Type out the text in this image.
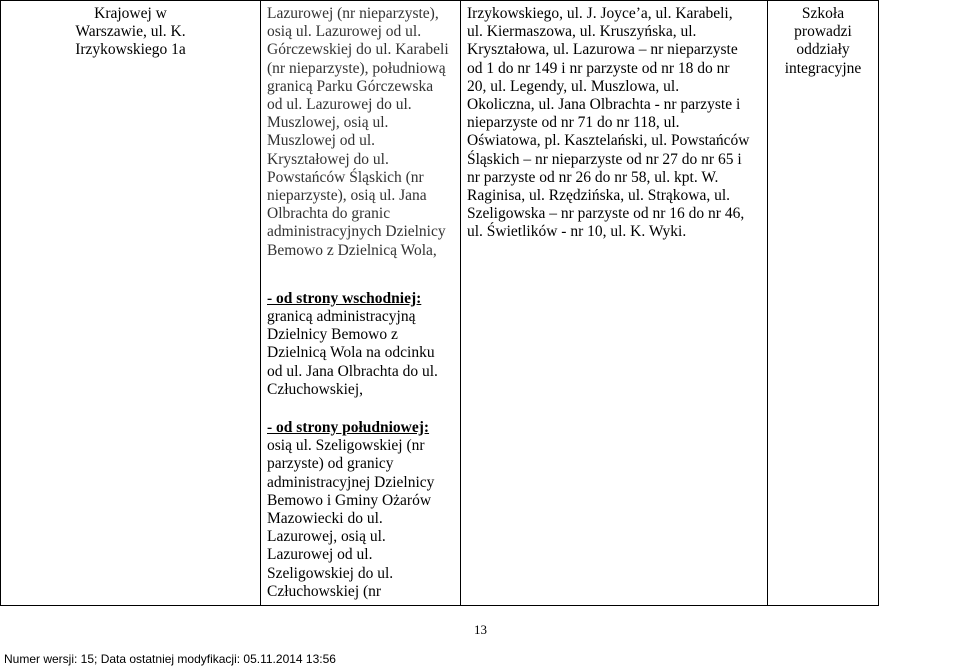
Krajowej w
Warszawie, ul. K.
Irzykowskiego 1a

Lazurowej (nr nieparzyste),
osią ul. Lazurowej od ul.
Górczewskiej do ul. Karabeli
(nr nieparzyste), południową
granicą Parku Górczewska
od ul. Lazurowej do ul.
Muszlowej, osią ul.
Muszlowej od ul.
Kryształowej do ul.
Powstańców Śląskich (nr
nieparzyste), osią ul. Jana
Olbrachta do granic
administracyjnych Dzielnicy
Bemowo z Dzielnicą Wola,
- od strony wschodniej:
granicą administracyjną
Dzielnicy Bemowo z
Dzielnicą Wola na odcinku
od ul. Jana Olbrachta do ul.
Człuchowskiej,
- od strony południowej:
osią ul. Szeligowskiej (nr
parzyste) od granicy
administracyjnej Dzielnicy
Bemowo i Gminy Ożarów
Mazowiecki do ul.
Lazurowej, osią ul.
Lazurowej od ul.
Szeligowskiej do ul.
Człuchowskiej (nr

Irzykowskiego, ul. J. Joyce’a, ul. Karabeli,
ul. Kiermaszowa, ul. Kruszyńska, ul.
Kryształowa, ul. Lazurowa – nr nieparzyste
od 1 do nr 149 i nr parzyste od nr 18 do nr
20, ul. Legendy, ul. Muszlowa, ul.
Okoliczna, ul. Jana Olbrachta - nr parzyste i
nieparzyste od nr 71 do nr 118, ul.
Oświatowa, pl. Kasztelański, ul. Powstańców
Śląskich – nr nieparzyste od nr 27 do nr 65 i
nr parzyste od nr 26 do nr 58, ul. kpt. W.
Raginisa, ul. Rzędzińska, ul. Strąkowa, ul.
Szeligowska – nr parzyste od nr 16 do nr 46,
ul. Świetlików - nr 10, ul. K. Wyki.

Szkoła
prowadzi
oddziały
integracyjne
13
Numer wersji: 15; Data ostatniej modyfikacji: 05.11.2014 13:56
